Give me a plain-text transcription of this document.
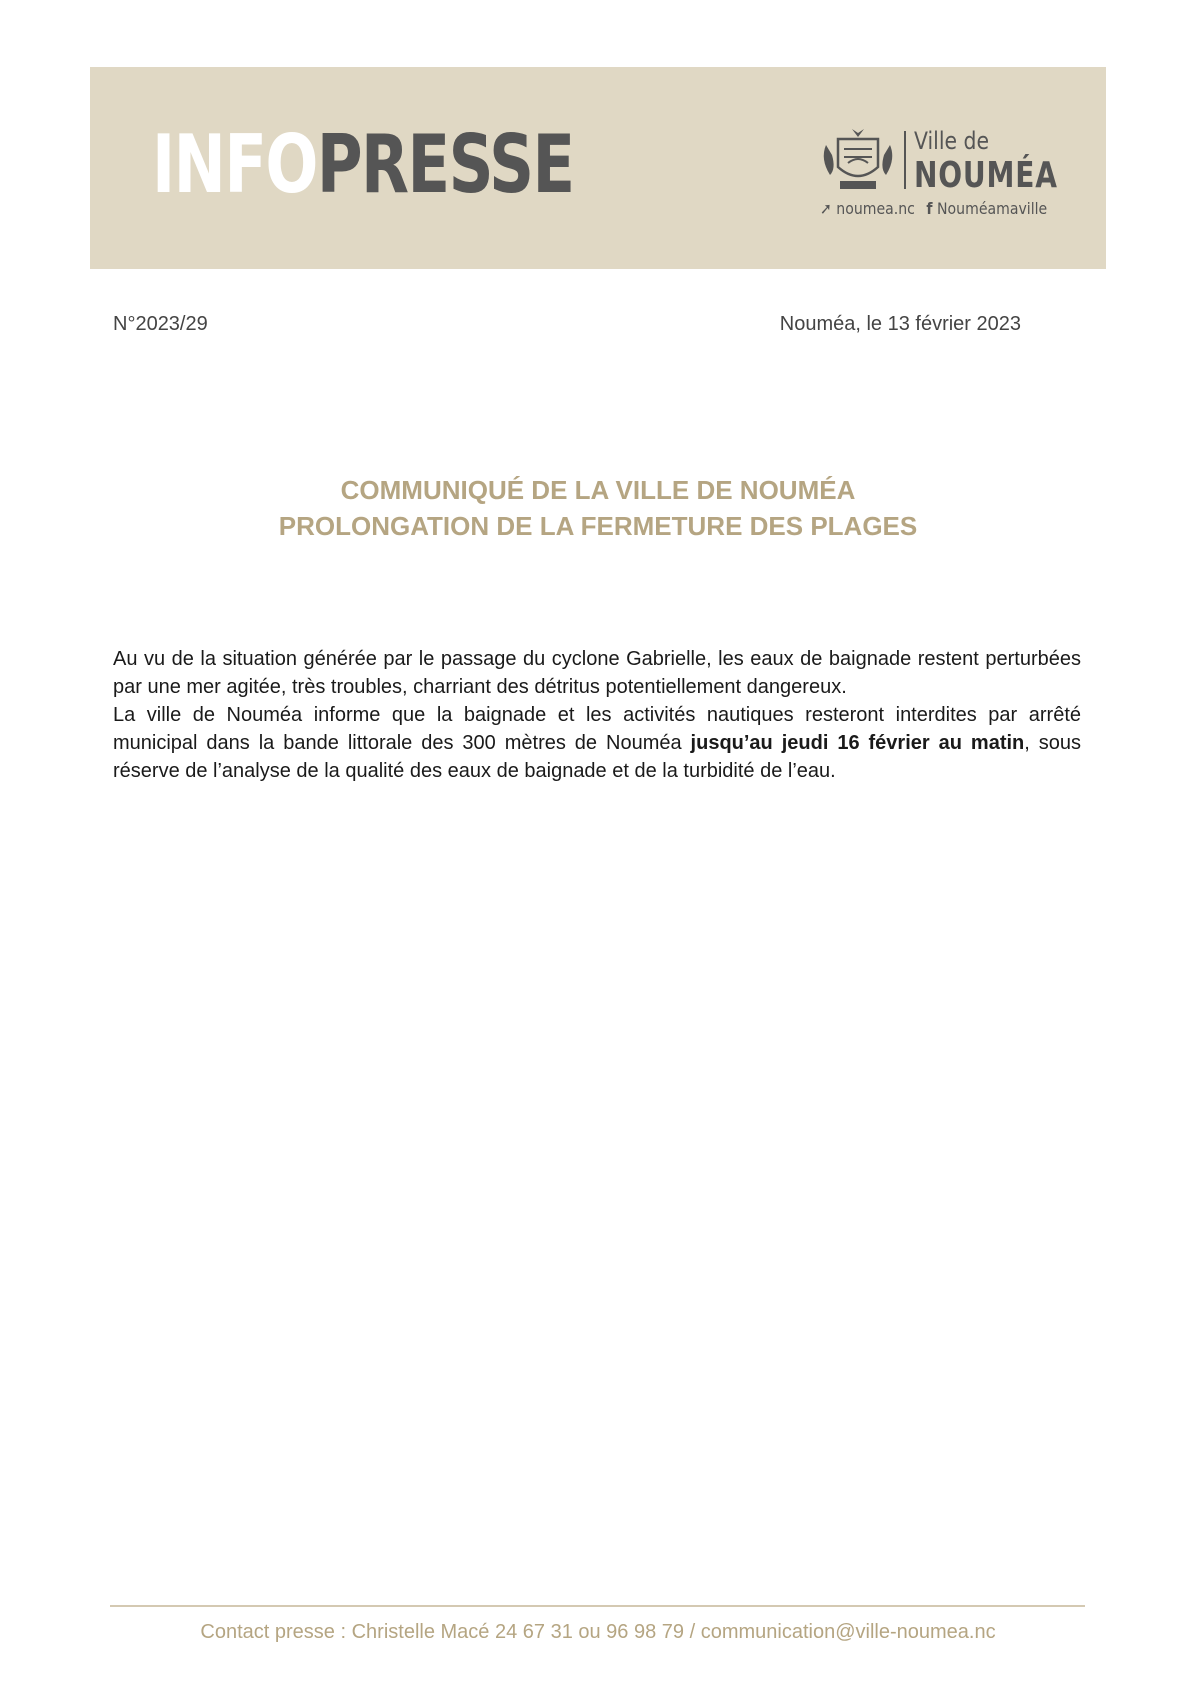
INFOPRESSE	Ville de
NOUMÉA
➚ noumea.nc f Nouméamaville
N°2023/29	Nouméa, le 13 février 2023
COMMUNIQUÉ DE LA VILLE DE NOUMÉA
PROLONGATION DE LA FERMETURE DES PLAGES

Au vu de la situation générée par le passage du cyclone Gabrielle, les eaux de baignade restent perturbées par une mer agitée, très troubles, charriant des détritus potentiellement dangereux.

La ville de Nouméa informe que la baignade et les activités nautiques resteront interdites par arrêté municipal dans la bande littorale des 300 mètres de Nouméa jusqu’au jeudi 16 février au matin, sous réserve de l’analyse de la qualité des eaux de baignade et de la turbidité de l’eau.

Contact presse : Christelle Macé 24 67 31 ou 96 98 79 / communication@ville-noumea.nc
